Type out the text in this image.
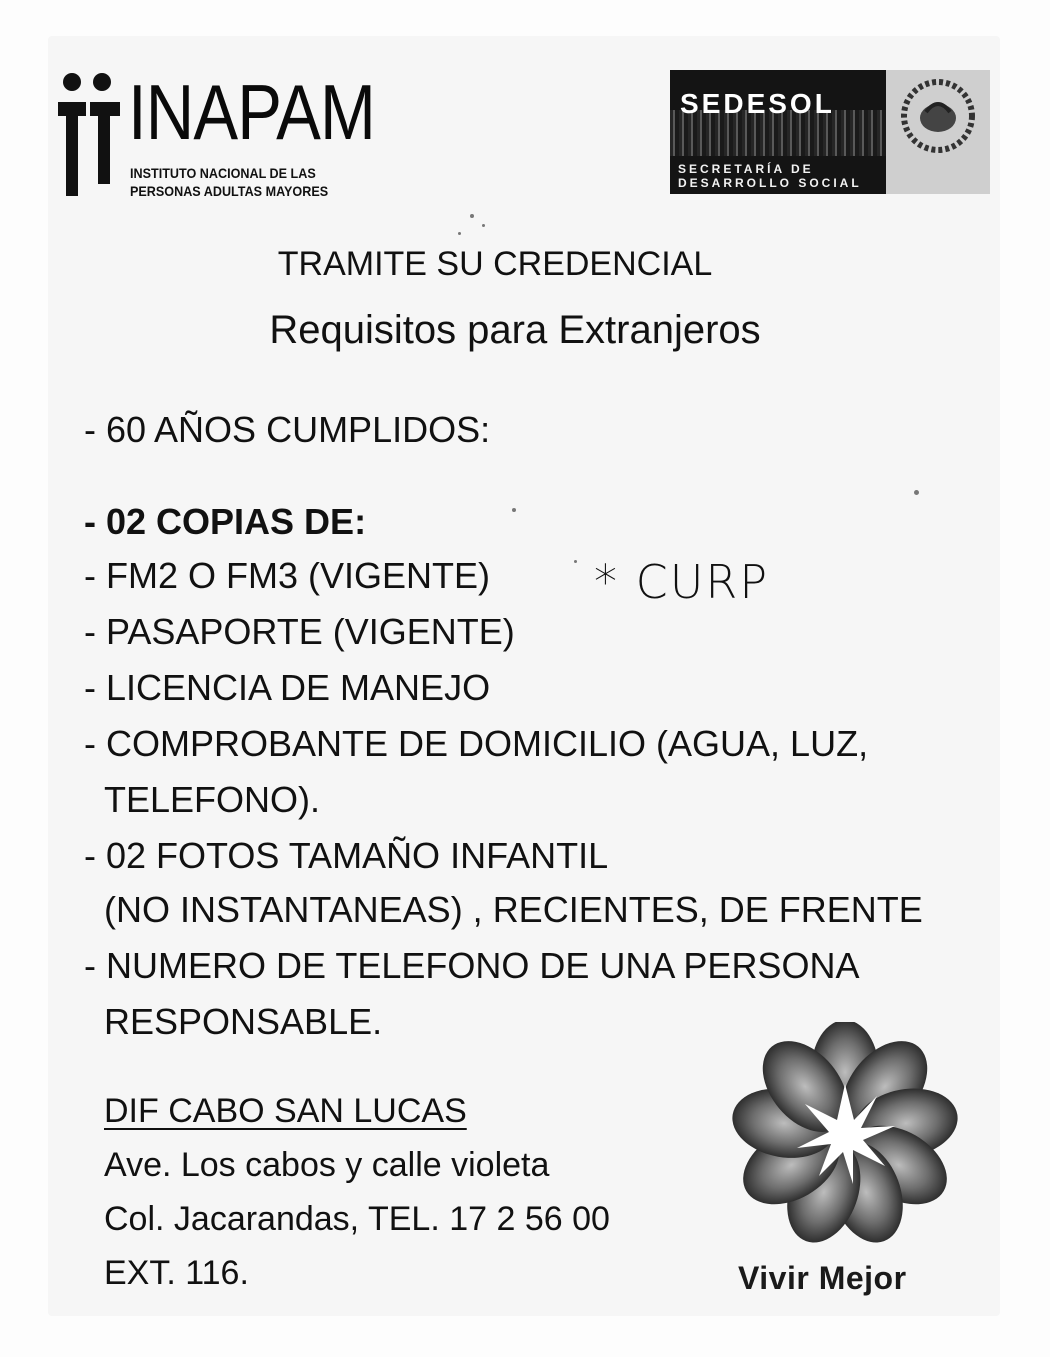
INAPAM
INSTITUTO NACIONAL DE LAS
PERSONAS ADULTAS MAYORES
SEDESOL
SECRETARÍA DE
DESARROLLO SOCIAL
TRAMITE SU CREDENCIAL
Requisitos para Extranjeros
- 60 AÑOS CUMPLIDOS:
- 02 COPIAS DE:
- FM2 O FM3 (VIGENTE)
- PASAPORTE (VIGENTE)
- LICENCIA DE MANEJO
- COMPROBANTE DE DOMICILIO (AGUA, LUZ,
TELEFONO).
- 02 FOTOS TAMAÑO INFANTIL
(NO INSTANTANEAS) , RECIENTES, DE FRENTE
- NUMERO DE TELEFONO DE UNA PERSONA
RESPONSABLE.
* CURP
DIF CABO SAN LUCAS
Ave. Los cabos y calle violeta
Col. Jacarandas, TEL. 17 2 56 00
EXT. 116.	Vivir Mejor
